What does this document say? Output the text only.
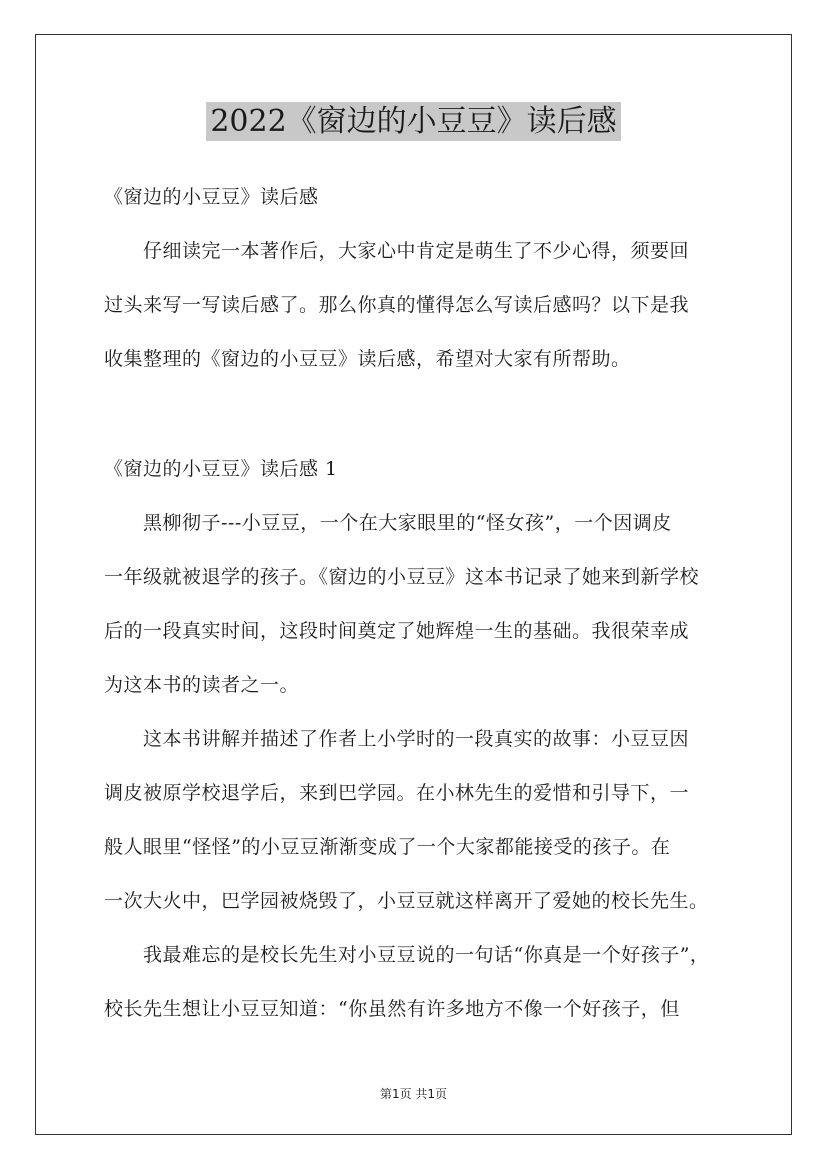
2022《窗边的小豆豆》读后感
《窗边的小豆豆》读后感
仔细读完一本著作后，大家心中肯定是萌生了不少心得，须要回
过头来写一写读后感了。那么你真的懂得怎么写读后感吗？以下是我
收集整理的《窗边的小豆豆》读后感，希望对大家有所帮助。
《窗边的小豆豆》读后感 1
黑柳彻子---小豆豆，一个在大家眼里的“怪女孩”，一个因调皮
一年级就被退学的孩子。《窗边的小豆豆》这本书记录了她来到新学校
后的一段真实时间，这段时间奠定了她辉煌一生的基础。我很荣幸成
为这本书的读者之一。
这本书讲解并描述了作者上小学时的一段真实的故事：小豆豆因
调皮被原学校退学后，来到巴学园。在小林先生的爱惜和引导下，一
般人眼里“怪怪”的小豆豆渐渐变成了一个大家都能接受的孩子。在
一次大火中，巴学园被烧毁了，小豆豆就这样离开了爱她的校长先生。
我最难忘的是校长先生对小豆豆说的一句话“你真是一个好孩子”，
校长先生想让小豆豆知道：“你虽然有许多地方不像一个好孩子，但
第1页 共1页
